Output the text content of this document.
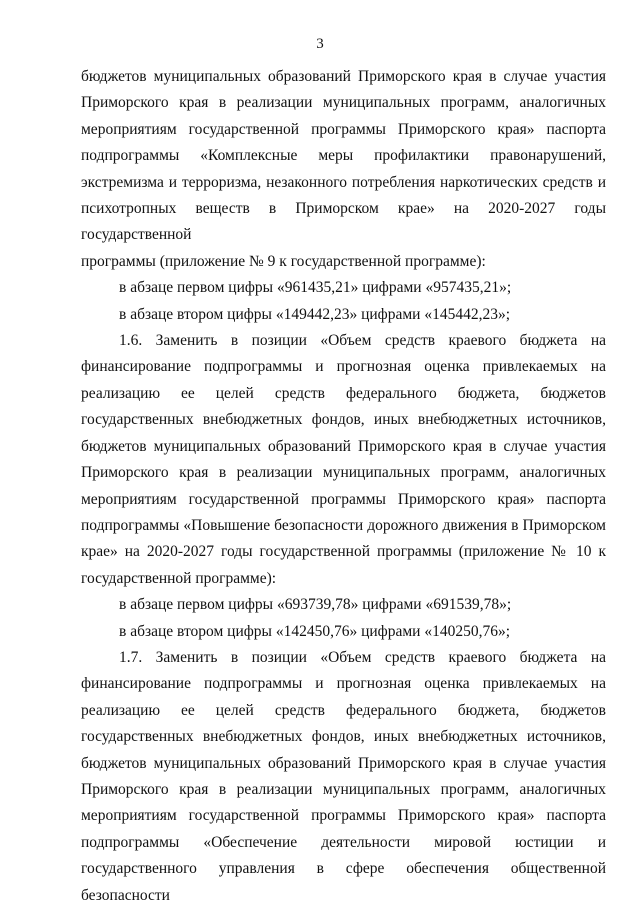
3

бюджетов муниципальных образований Приморского края в случае участия

Приморского края в реализации муниципальных программ, аналогичных

мероприятиям государственной программы Приморского края» паспорта

подпрограммы «Комплексные меры профилактики правонарушений,

экстремизма и терроризма, незаконного потребления наркотических средств и

психотропных веществ в Приморском крае» на 2020-2027 годы государственной

программы (приложение № 9 к государственной программе):

в абзаце первом цифры «961435,21» цифрами «957435,21»;

в абзаце втором цифры «149442,23» цифрами «145442,23»;

1.6. Заменить в позиции «Объем средств краевого бюджета на

финансирование подпрограммы и прогнозная оценка привлекаемых на

реализацию ее целей средств федерального бюджета, бюджетов

государственных внебюджетных фондов, иных внебюджетных источников,

бюджетов муниципальных образований Приморского края в случае участия

Приморского края в реализации муниципальных программ, аналогичных

мероприятиям государственной программы Приморского края» паспорта

подпрограммы «Повышение безопасности дорожного движения в Приморском

крае» на 2020-2027 годы государственной программы (приложение № 10 к

государственной программе):

в абзаце первом цифры «693739,78» цифрами «691539,78»;

в абзаце втором цифры «142450,76» цифрами «140250,76»;

1.7. Заменить в позиции «Объем средств краевого бюджета на

финансирование подпрограммы и прогнозная оценка привлекаемых на

реализацию ее целей средств федерального бюджета, бюджетов

государственных внебюджетных фондов, иных внебюджетных источников,

бюджетов муниципальных образований Приморского края в случае участия

Приморского края в реализации муниципальных программ, аналогичных

мероприятиям государственной программы Приморского края» паспорта

подпрограммы «Обеспечение деятельности мировой юстиции и

государственного управления в сфере обеспечения общественной безопасности
